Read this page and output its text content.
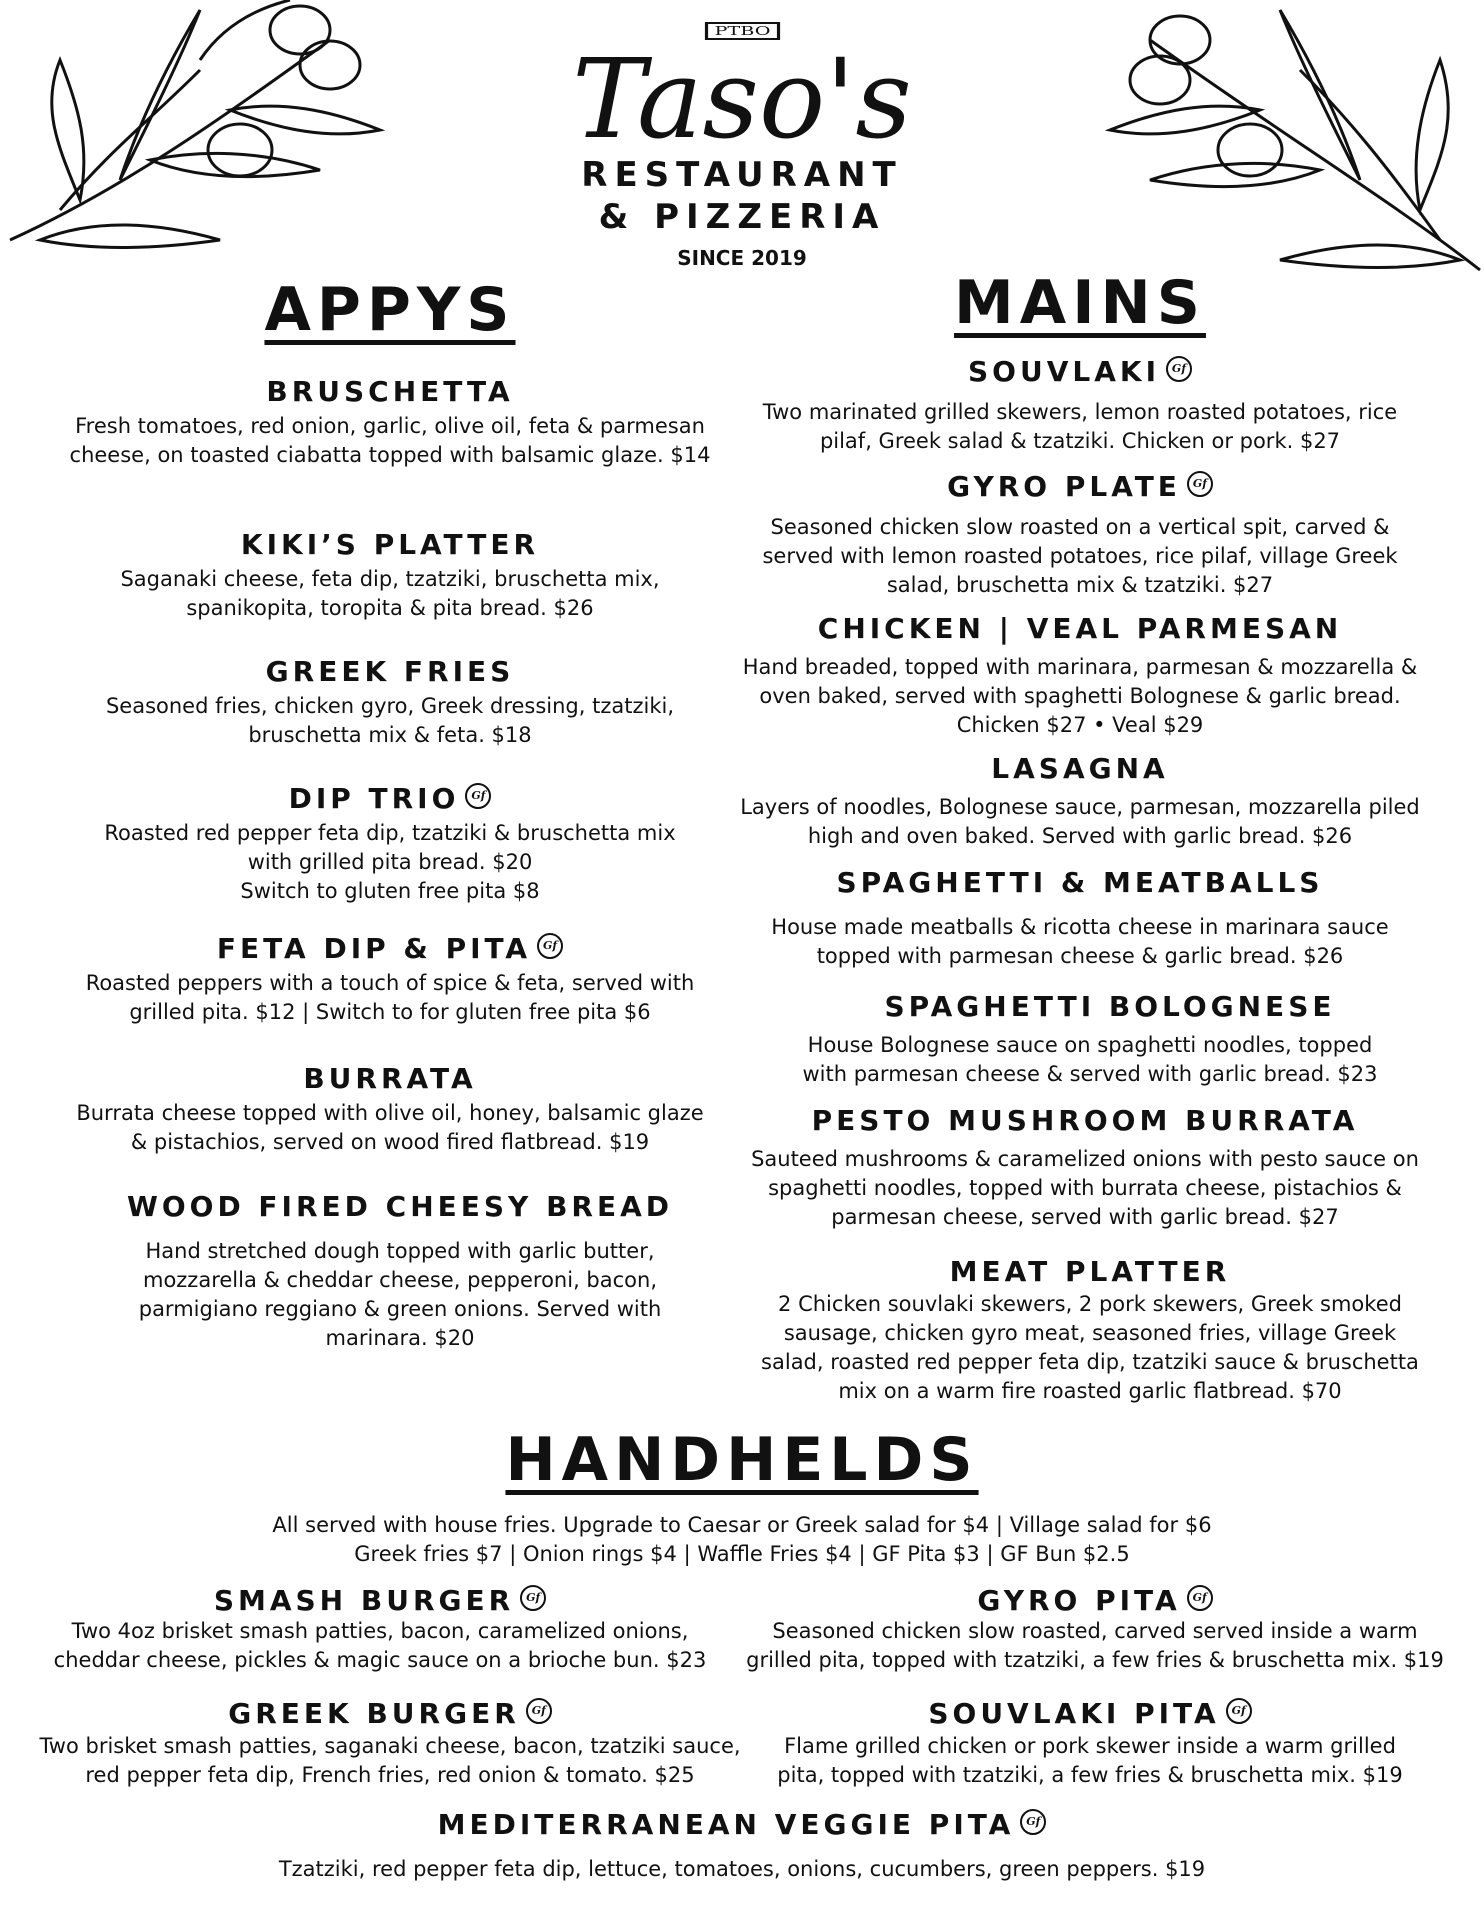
PTBO
Taso's
RESTAURANT
& PIZZERIA
SINCE 2019
APPYS

BRUSCHETTA

Fresh tomatoes, red onion, garlic, olive oil, feta & parmesan cheese, on toasted ciabatta topped with balsamic glaze. $14

KIKI’S PLATTER

Saganaki cheese, feta dip, tzatziki, bruschetta mix, spanikopita, toropita & pita bread. $26

GREEK FRIES

Seasoned fries, chicken gyro, Greek dressing, tzatziki, bruschetta mix & feta. $18

DIP TRIO Gf

Roasted red pepper feta dip, tzatziki & bruschetta mix with grilled pita bread. $20

Switch to gluten free pita $8

FETA DIP & PITA Gf

Roasted peppers with a touch of spice & feta, served with grilled pita. $12 | Switch to for gluten free pita $6

BURRATA

Burrata cheese topped with olive oil, honey, balsamic glaze & pistachios, served on wood fired flatbread. $19

WOOD FIRED CHEESY BREAD

Hand stretched dough topped with garlic butter, mozzarella & cheddar cheese, pepperoni, bacon, parmigiano reggiano & green onions. Served with marinara. $20

MAINS

SOUVLAKI Gf

Two marinated grilled skewers, lemon roasted potatoes, rice pilaf, Greek salad & tzatziki. Chicken or pork. $27

GYRO PLATE Gf

Seasoned chicken slow roasted on a vertical spit, carved & served with lemon roasted potatoes, rice pilaf, village Greek salad, bruschetta mix & tzatziki. $27

CHICKEN | VEAL PARMESAN

Hand breaded, topped with marinara, parmesan & mozzarella & oven baked, served with spaghetti Bolognese & garlic bread.

Chicken $27 • Veal $29

LASAGNA

Layers of noodles, Bolognese sauce, parmesan, mozzarella piled high and oven baked. Served with garlic bread. $26

SPAGHETTI & MEATBALLS

House made meatballs & ricotta cheese in marinara sauce topped with parmesan cheese & garlic bread. $26

SPAGHETTI BOLOGNESE

House Bolognese sauce on spaghetti noodles, topped with parmesan cheese & served with garlic bread. $23

PESTO MUSHROOM BURRATA

Sauteed mushrooms & caramelized onions with pesto sauce on spaghetti noodles, topped with burrata cheese, pistachios & parmesan cheese, served with garlic bread. $27

MEAT PLATTER

2 Chicken souvlaki skewers, 2 pork skewers, Greek smoked sausage, chicken gyro meat, seasoned fries, village Greek salad, roasted red pepper feta dip, tzatziki sauce & bruschetta mix on a warm fire roasted garlic flatbread. $70

HANDHELDS

All served with house fries. Upgrade to Caesar or Greek salad for $4 | Village salad for $6

Greek fries $7 | Onion rings $4 | Waffle Fries $4 | GF Pita $3 | GF Bun $2.5

SMASH BURGER Gf

Two 4oz brisket smash patties, bacon, caramelized onions, cheddar cheese, pickles & magic sauce on a brioche bun. $23

GYRO PITA Gf

Seasoned chicken slow roasted, carved served inside a warm grilled pita, topped with tzatziki, a few fries & bruschetta mix. $19

GREEK BURGER Gf

Two brisket smash patties, saganaki cheese, bacon, tzatziki sauce, red pepper feta dip, French fries, red onion & tomato. $25

SOUVLAKI PITA Gf

Flame grilled chicken or pork skewer inside a warm grilled pita, topped with tzatziki, a few fries & bruschetta mix. $19

MEDITERRANEAN VEGGIE PITA Gf

Tzatziki, red pepper feta dip, lettuce, tomatoes, onions, cucumbers, green peppers. $19
